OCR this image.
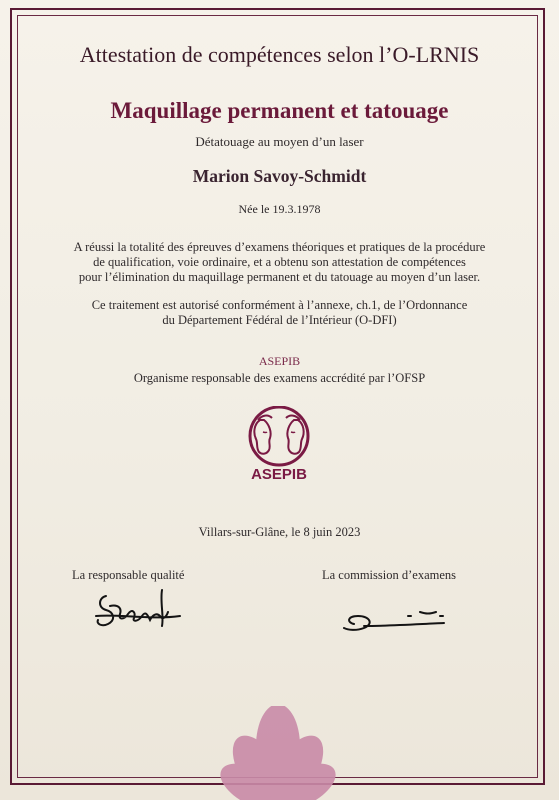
Attestation de compétences selon l’O-LRNIS
Maquillage permanent et tatouage
Détatouage au moyen d’un laser
Marion Savoy-Schmidt
Née le 19.3.1978
A réussi la totalité des épreuves d’examens théoriques et pratiques de la procédure
de qualification, voie ordinaire, et a obtenu son attestation de compétences
pour l’élimination du maquillage permanent et du tatouage au moyen d’un laser.
Ce traitement est autorisé conformément à l’annexe, ch.1, de l’Ordonnance
du Département Fédéral de l’Intérieur (O-DFI)
ASEPIB
Organisme responsable des examens accrédité par l’OFSP
ASEPIB
Villars-sur-Glâne, le 8 juin 2023
La responsable qualité	La commission d’examens
